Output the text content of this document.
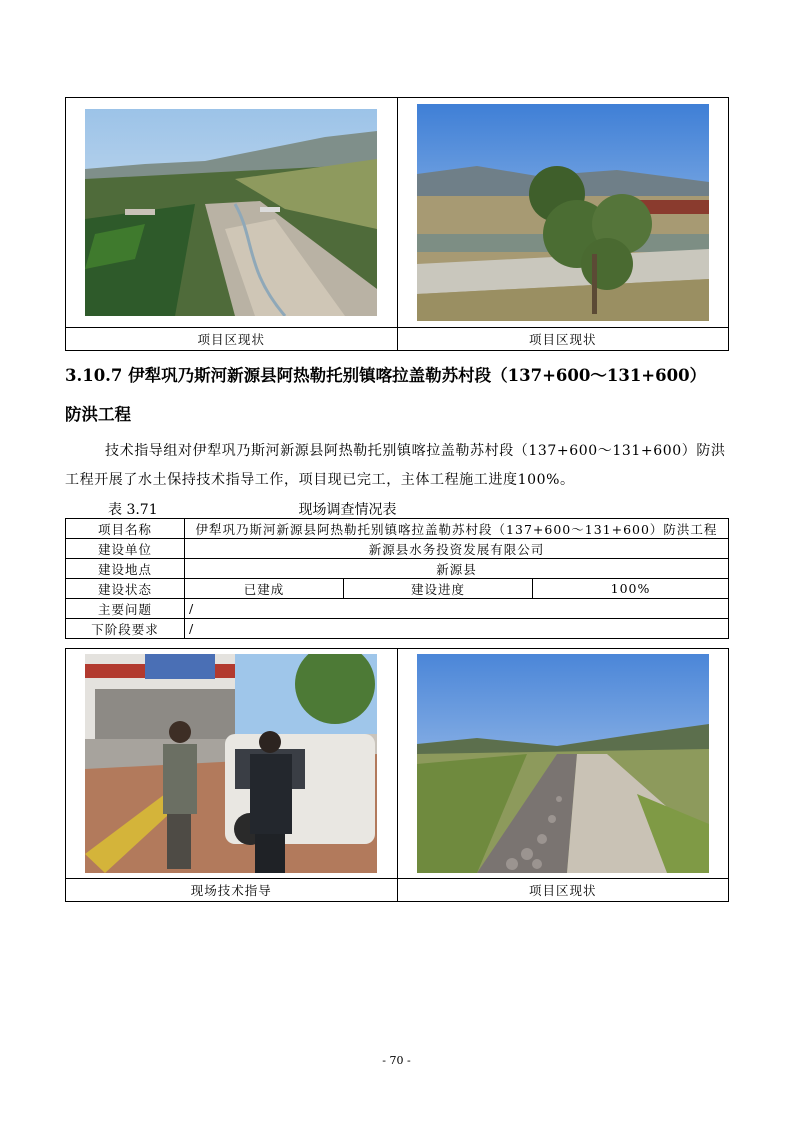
项目区现状	项目区现状
3.10.7 伊犁巩乃斯河新源县阿热勒托别镇喀拉盖勒苏村段（137+600～131+600）
防洪工程
技术指导组对伊犁巩乃斯河新源县阿热勒托别镇喀拉盖勒苏村段（137+600～131+600）防洪工程开展了水土保持技术指导工作，项目现已完工，主体工程施工进度100%。
表 3.71	现场调查情况表
项目名称	伊犁巩乃斯河新源县阿热勒托别镇喀拉盖勒苏村段（137+600～131+600）防洪工程		
建设单位	新源县水务投资发展有限公司		
建设地点	新源县		
建设状态	已建成	建设进度	100%
主要问题	/		
下阶段要求	/		

现场技术指导	项目区现状
- 70 -
